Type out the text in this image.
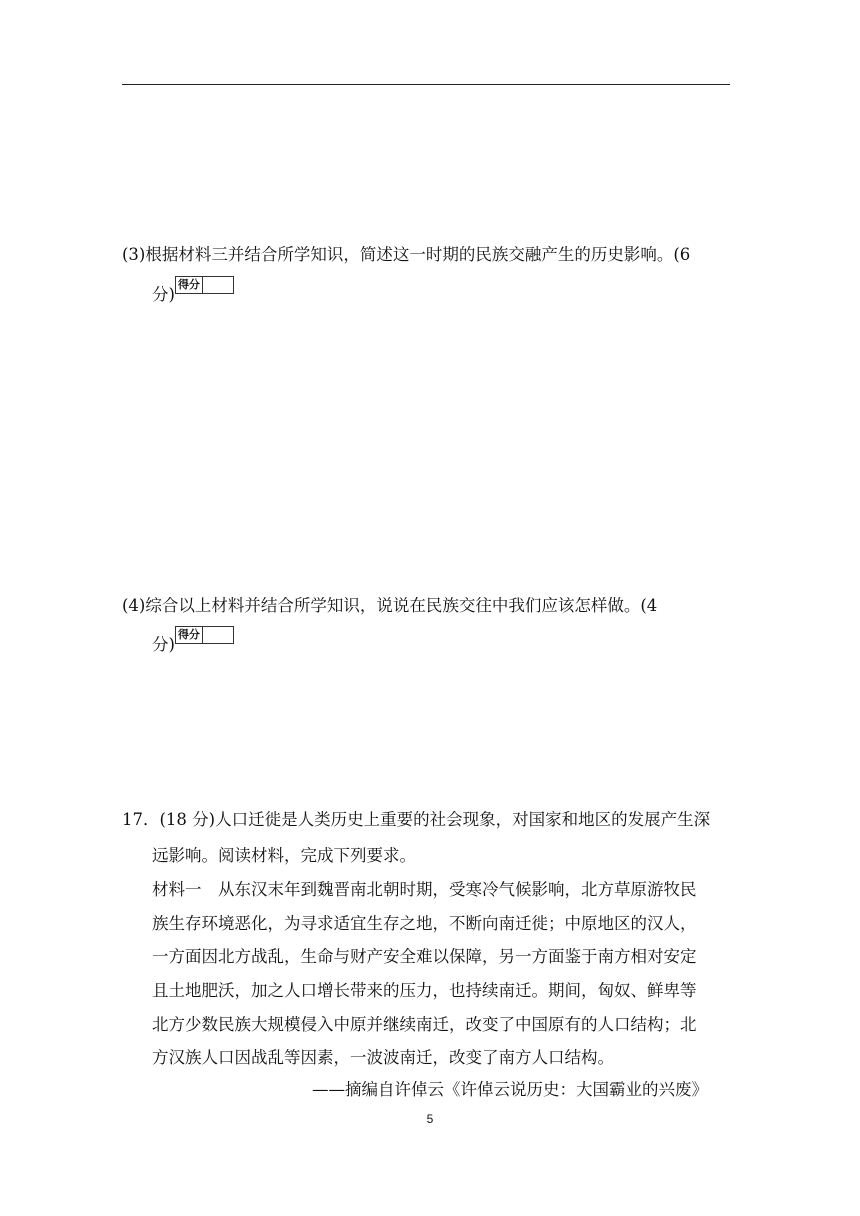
(3)根据材料三并结合所学知识，简述这一时期的民族交融产生的历史影响。(6
分)
得分
(4)综合以上材料并结合所学知识，说说在民族交往中我们应该怎样做。(4
分)
得分
17．(18 分)人口迁徙是人类历史上重要的社会现象，对国家和地区的发展产生深
远影响。阅读材料，完成下列要求。
材料一　从东汉末年到魏晋南北朝时期，受寒冷气候影响，北方草原游牧民
族生存环境恶化，为寻求适宜生存之地，不断向南迁徙；中原地区的汉人，
一方面因北方战乱，生命与财产安全难以保障，另一方面鉴于南方相对安定
且土地肥沃，加之人口增长带来的压力，也持续南迁。期间，匈奴、鲜卑等
北方少数民族大规模侵入中原并继续南迁，改变了中国原有的人口结构；北
方汉族人口因战乱等因素，一波波南迁，改变了南方人口结构。
——摘编自许倬云《许倬云说历史：大国霸业的兴废》
5
